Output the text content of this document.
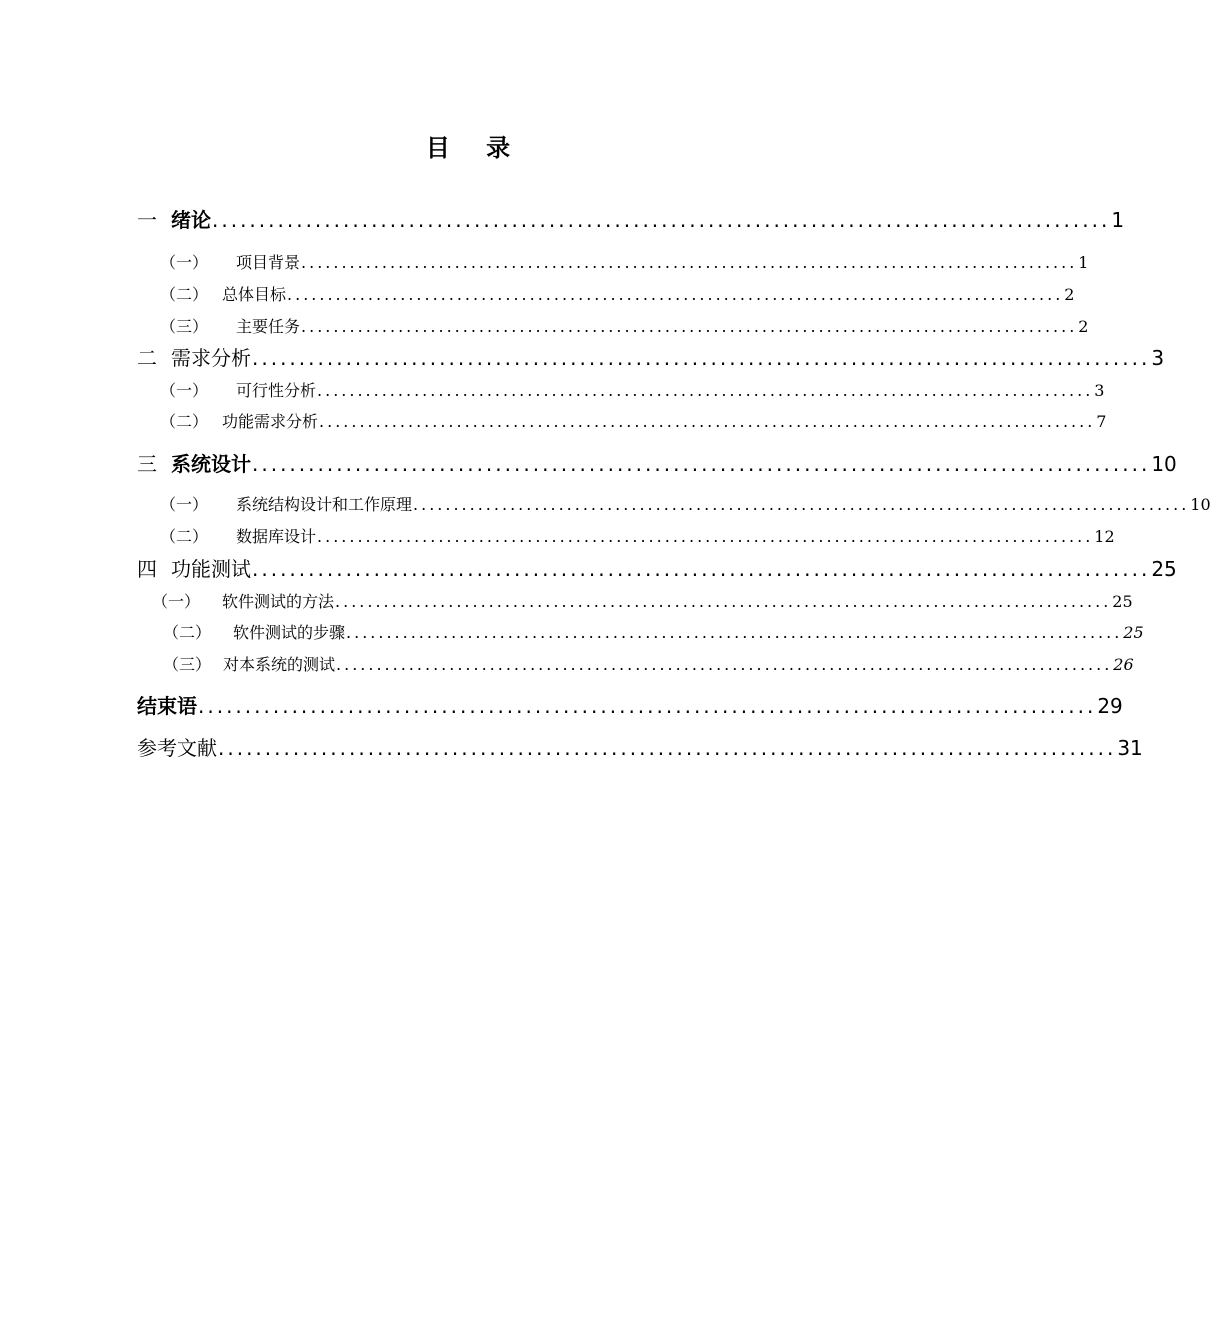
目 录
一 绪论 ................................................................................................ 1
（一）	项目背景 ................................................................................................ 1
（二） 总体目标 ................................................................................................ 2
（三）	主要任务 ................................................................................................ 2
二 需求分析 ................................................................................................ 3
（一）	可行性分析 ................................................................................................ 3
（二） 功能需求分析 ................................................................................................ 7
三 系统设计 ................................................................................................ 10
（一）	系统结构设计和工作原理 ................................................................................................ 10
（二）	数据库设计 ................................................................................................ 12
四 功能测试 ................................................................................................ 25
（一）	软件测试的方法 ................................................................................................ 25
（二）	软件测试的步骤 ................................................................................................ 25
（三） 对本系统的测试 ................................................................................................ 26
结束语 ................................................................................................ 29
参考文献 ................................................................................................ 31
